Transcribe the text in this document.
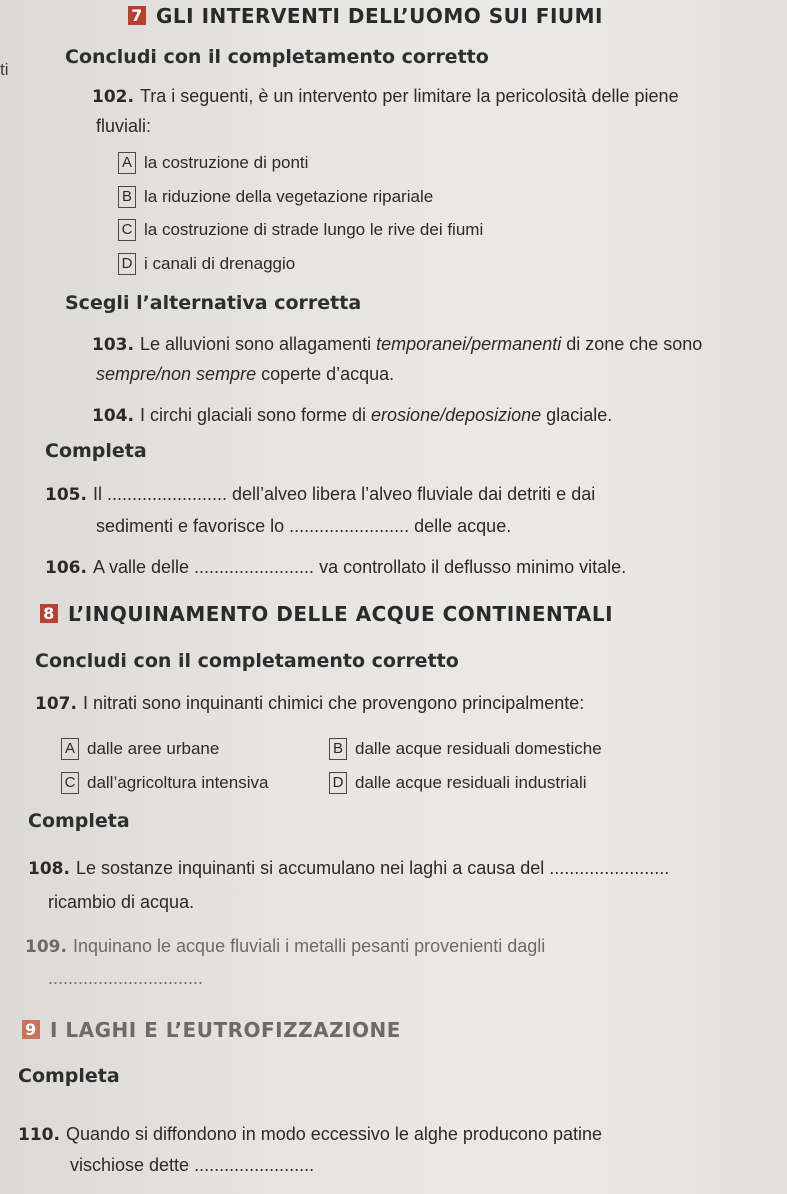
ti
7 GLI INTERVENTI DELL’UOMO SUI FIUMI
Concludi con il completamento corretto
102. Tra i seguenti, è un intervento per limitare la pericolosità delle piene
fluviali:
A la costruzione di ponti
B la riduzione della vegetazione ripariale
C la costruzione di strade lungo le rive dei fiumi
D i canali di drenaggio
Scegli l’alternativa corretta
103. Le alluvioni sono allagamenti temporanei/permanenti di zone che sono
sempre/non sempre coperte d’acqua.
104. I circhi glaciali sono forme di erosione/deposizione glaciale.
Completa
105. Il ........................ dell’alveo libera l’alveo fluviale dai detriti e dai
sedimenti e favorisce lo ........................ delle acque.
106. A valle delle ........................ va controllato il deflusso minimo vitale.
8 L’INQUINAMENTO DELLE ACQUE CONTINENTALI
Concludi con il completamento corretto
107. I nitrati sono inquinanti chimici che provengono principalmente:
A dalle aree urbane	B dalle acque residuali domestiche
C dall’agricoltura intensiva	D dalle acque residuali industriali
Completa
108. Le sostanze inquinanti si accumulano nei laghi a causa del ........................
ricambio di acqua.
109. Inquinano le acque fluviali i metalli pesanti provenienti dagli
...............................
9 I LAGHI E L’EUTROFIZZAZIONE
Completa
110. Quando si diffondono in modo eccessivo le alghe producono patine
vischiose dette ........................
